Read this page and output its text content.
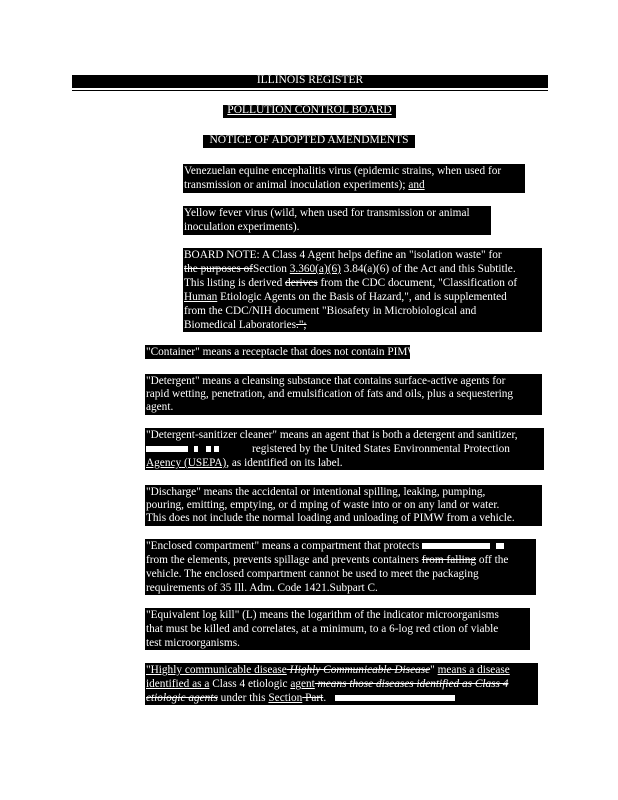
ILLINOIS REGISTER
POLLUTION CONTROL BOARD
NOTICE OF ADOPTED AMENDMENTS
Venezuelan equine encephalitis virus (epidemic strains, when used for
transmission or animal inoculation experiments); and
Yellow fever virus (wild, when used for transmission or animal
inoculation experiments).
BOARD NOTE: A Class 4 Agent helps define an "isolation waste" for
the purposes ofSection 3.360(a)(6) 3.84(a)(6) of the Act and this Subtitle.
This listing is derived derives from the CDC document, "Classification of
Human Etiologic Agents on the Basis of Hazard,", and is supplemented
from the CDC/NIH document "Biosafety in Microbiological and
Biomedical Laboratories.";
"Container" means a receptacle that does not contain PIMW.
"Detergent" means a cleansing substance that contains surface-active agents for
rapid wetting, penetration, and emulsification of fats and oils, plus a sequestering
agent.
"Detergent-sanitizer cleaner" means an agent that is both a detergent and sanitizer,

registered by the United States Environmental Protection
Agency (USEPA), as identified on its label.
"Discharge" means the accidental or intentional spilling, leaking, pumping,
pouring, emitting, emptying, or d mping of waste into or on any land or water.
This does not include the normal loading and unloading of PIMW from a vehicle.
"Enclosed compartment" means a compartment that protects
from the elements, prevents spillage and prevents containers from falling off the
vehicle. The enclosed compartment cannot be used to meet the packaging
requirements of 35 Ill. Adm. Code 1421.Subpart C.
"Equivalent log kill" (L) means the logarithm of the indicator microorganisms
that must be killed and correlates, at a minimum, to a 6-log red ction of viable
test microorganisms.
"Highly communicable disease Highly Communicable Disease" means a disease
identified as a Class 4 etiologic agent means those diseases identified as Class 4
etiologic agents under this Section Part.
